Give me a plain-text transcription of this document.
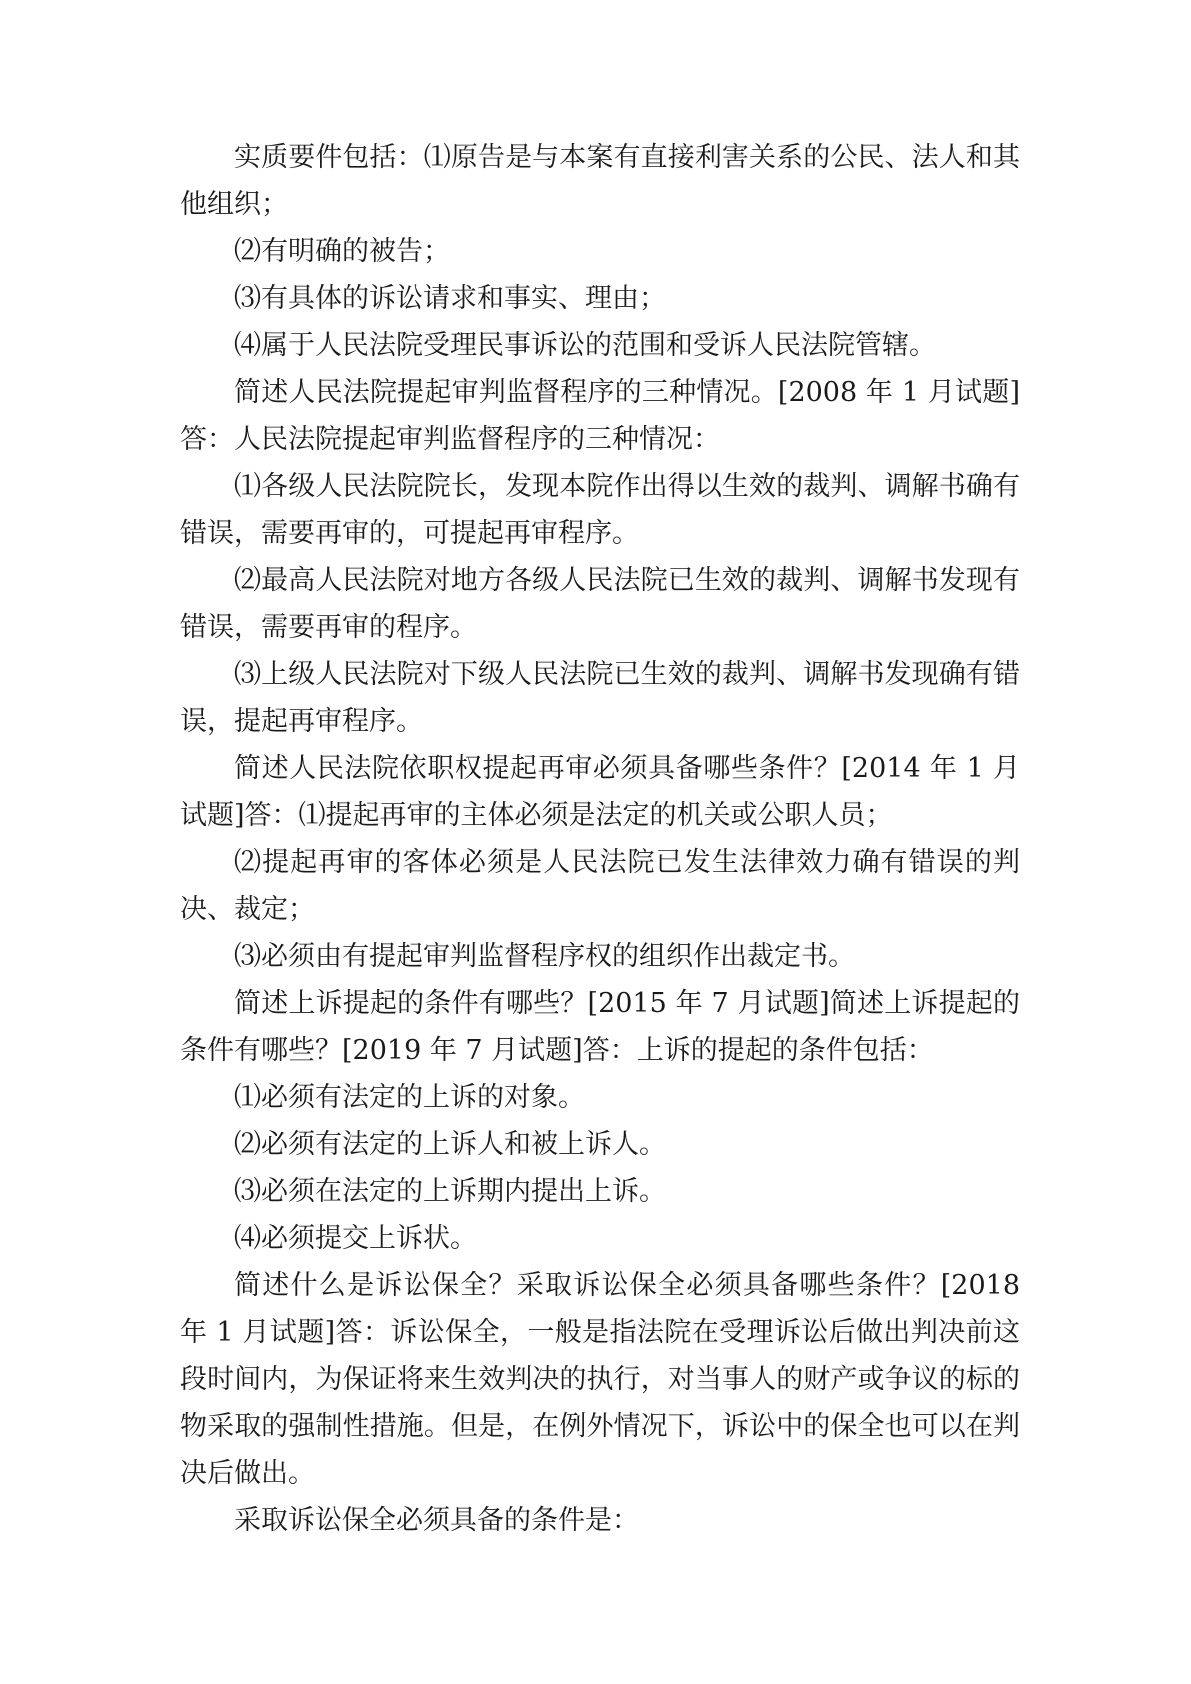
实质要件包括：⑴原告是与本案有直接利害关系的公民、法人和其他组织；

⑵有明确的被告；

⑶有具体的诉讼请求和事实、理由；

⑷属于人民法院受理民事诉讼的范围和受诉人民法院管辖。

简述人民法院提起审判监督程序的三种情况。[2008 年 1 月试题]答：人民法院提起审判监督程序的三种情况：

⑴各级人民法院院长，发现本院作出得以生效的裁判、调解书确有错误，需要再审的，可提起再审程序。

⑵最高人民法院对地方各级人民法院已生效的裁判、调解书发现有错误，需要再审的程序。

⑶上级人民法院对下级人民法院已生效的裁判、调解书发现确有错误，提起再审程序。

简述人民法院依职权提起再审必须具备哪些条件？[2014 年 1 月试题]答：⑴提起再审的主体必须是法定的机关或公职人员；

⑵提起再审的客体必须是人民法院已发生法律效力确有错误的判决、裁定；

⑶必须由有提起审判监督程序权的组织作出裁定书。

简述上诉提起的条件有哪些？[2015 年 7 月试题]简述上诉提起的条件有哪些？[2019 年 7 月试题]答：上诉的提起的条件包括：

⑴必须有法定的上诉的对象。

⑵必须有法定的上诉人和被上诉人。

⑶必须在法定的上诉期内提出上诉。

⑷必须提交上诉状。

简述什么是诉讼保全？采取诉讼保全必须具备哪些条件？[2018 年 1 月试题]答：诉讼保全，一般是指法院在受理诉讼后做出判决前这段时间内，为保证将来生效判决的执行，对当事人的财产或争议的标的物采取的强制性措施。但是，在例外情况下，诉讼中的保全也可以在判决后做出。

采取诉讼保全必须具备的条件是：
